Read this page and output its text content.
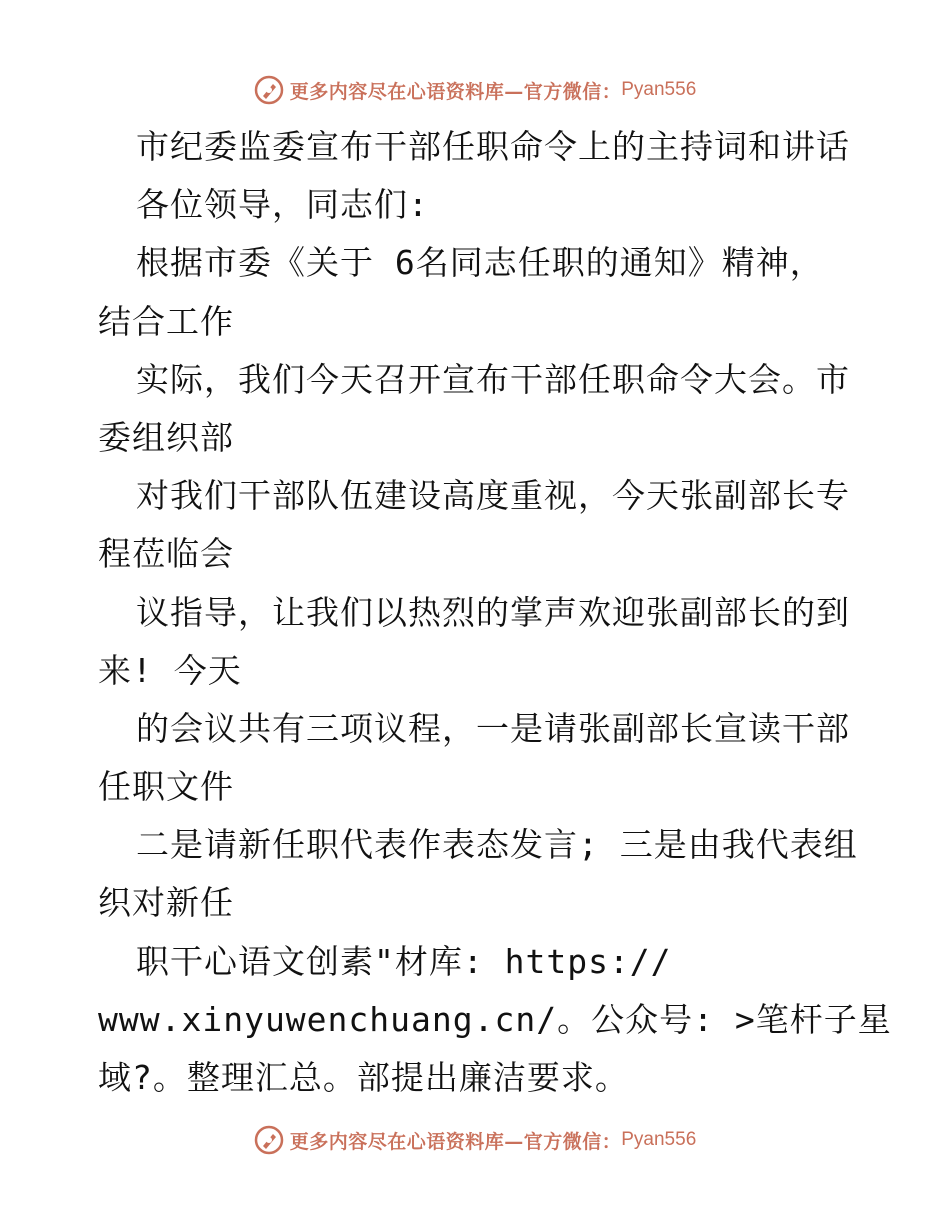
更多内容尽在心语资料库—官方微信： Pyan556
市纪委监委宣布干部任职命令上的主持词和讲话
各位领导，同志们:
根据市委《关于 6名同志任职的通知》精神，
结合工作
实际，我们今天召开宣布干部任职命令大会。市
委组织部
对我们干部队伍建设高度重视，今天张副部长专
程莅临会
议指导，让我们以热烈的掌声欢迎张副部长的到
来! 今天
的会议共有三项议程，一是请张副部长宣读干部
任职文件
二是请新任职代表作表态发言; 三是由我代表组
织对新任
职干心语文创素"材库: https://
www.xinyuwenchuang.cn/。公众号: >笔杆子星
域?。整理汇总。部提出廉洁要求。
更多内容尽在心语资料库—官方微信： Pyan556
